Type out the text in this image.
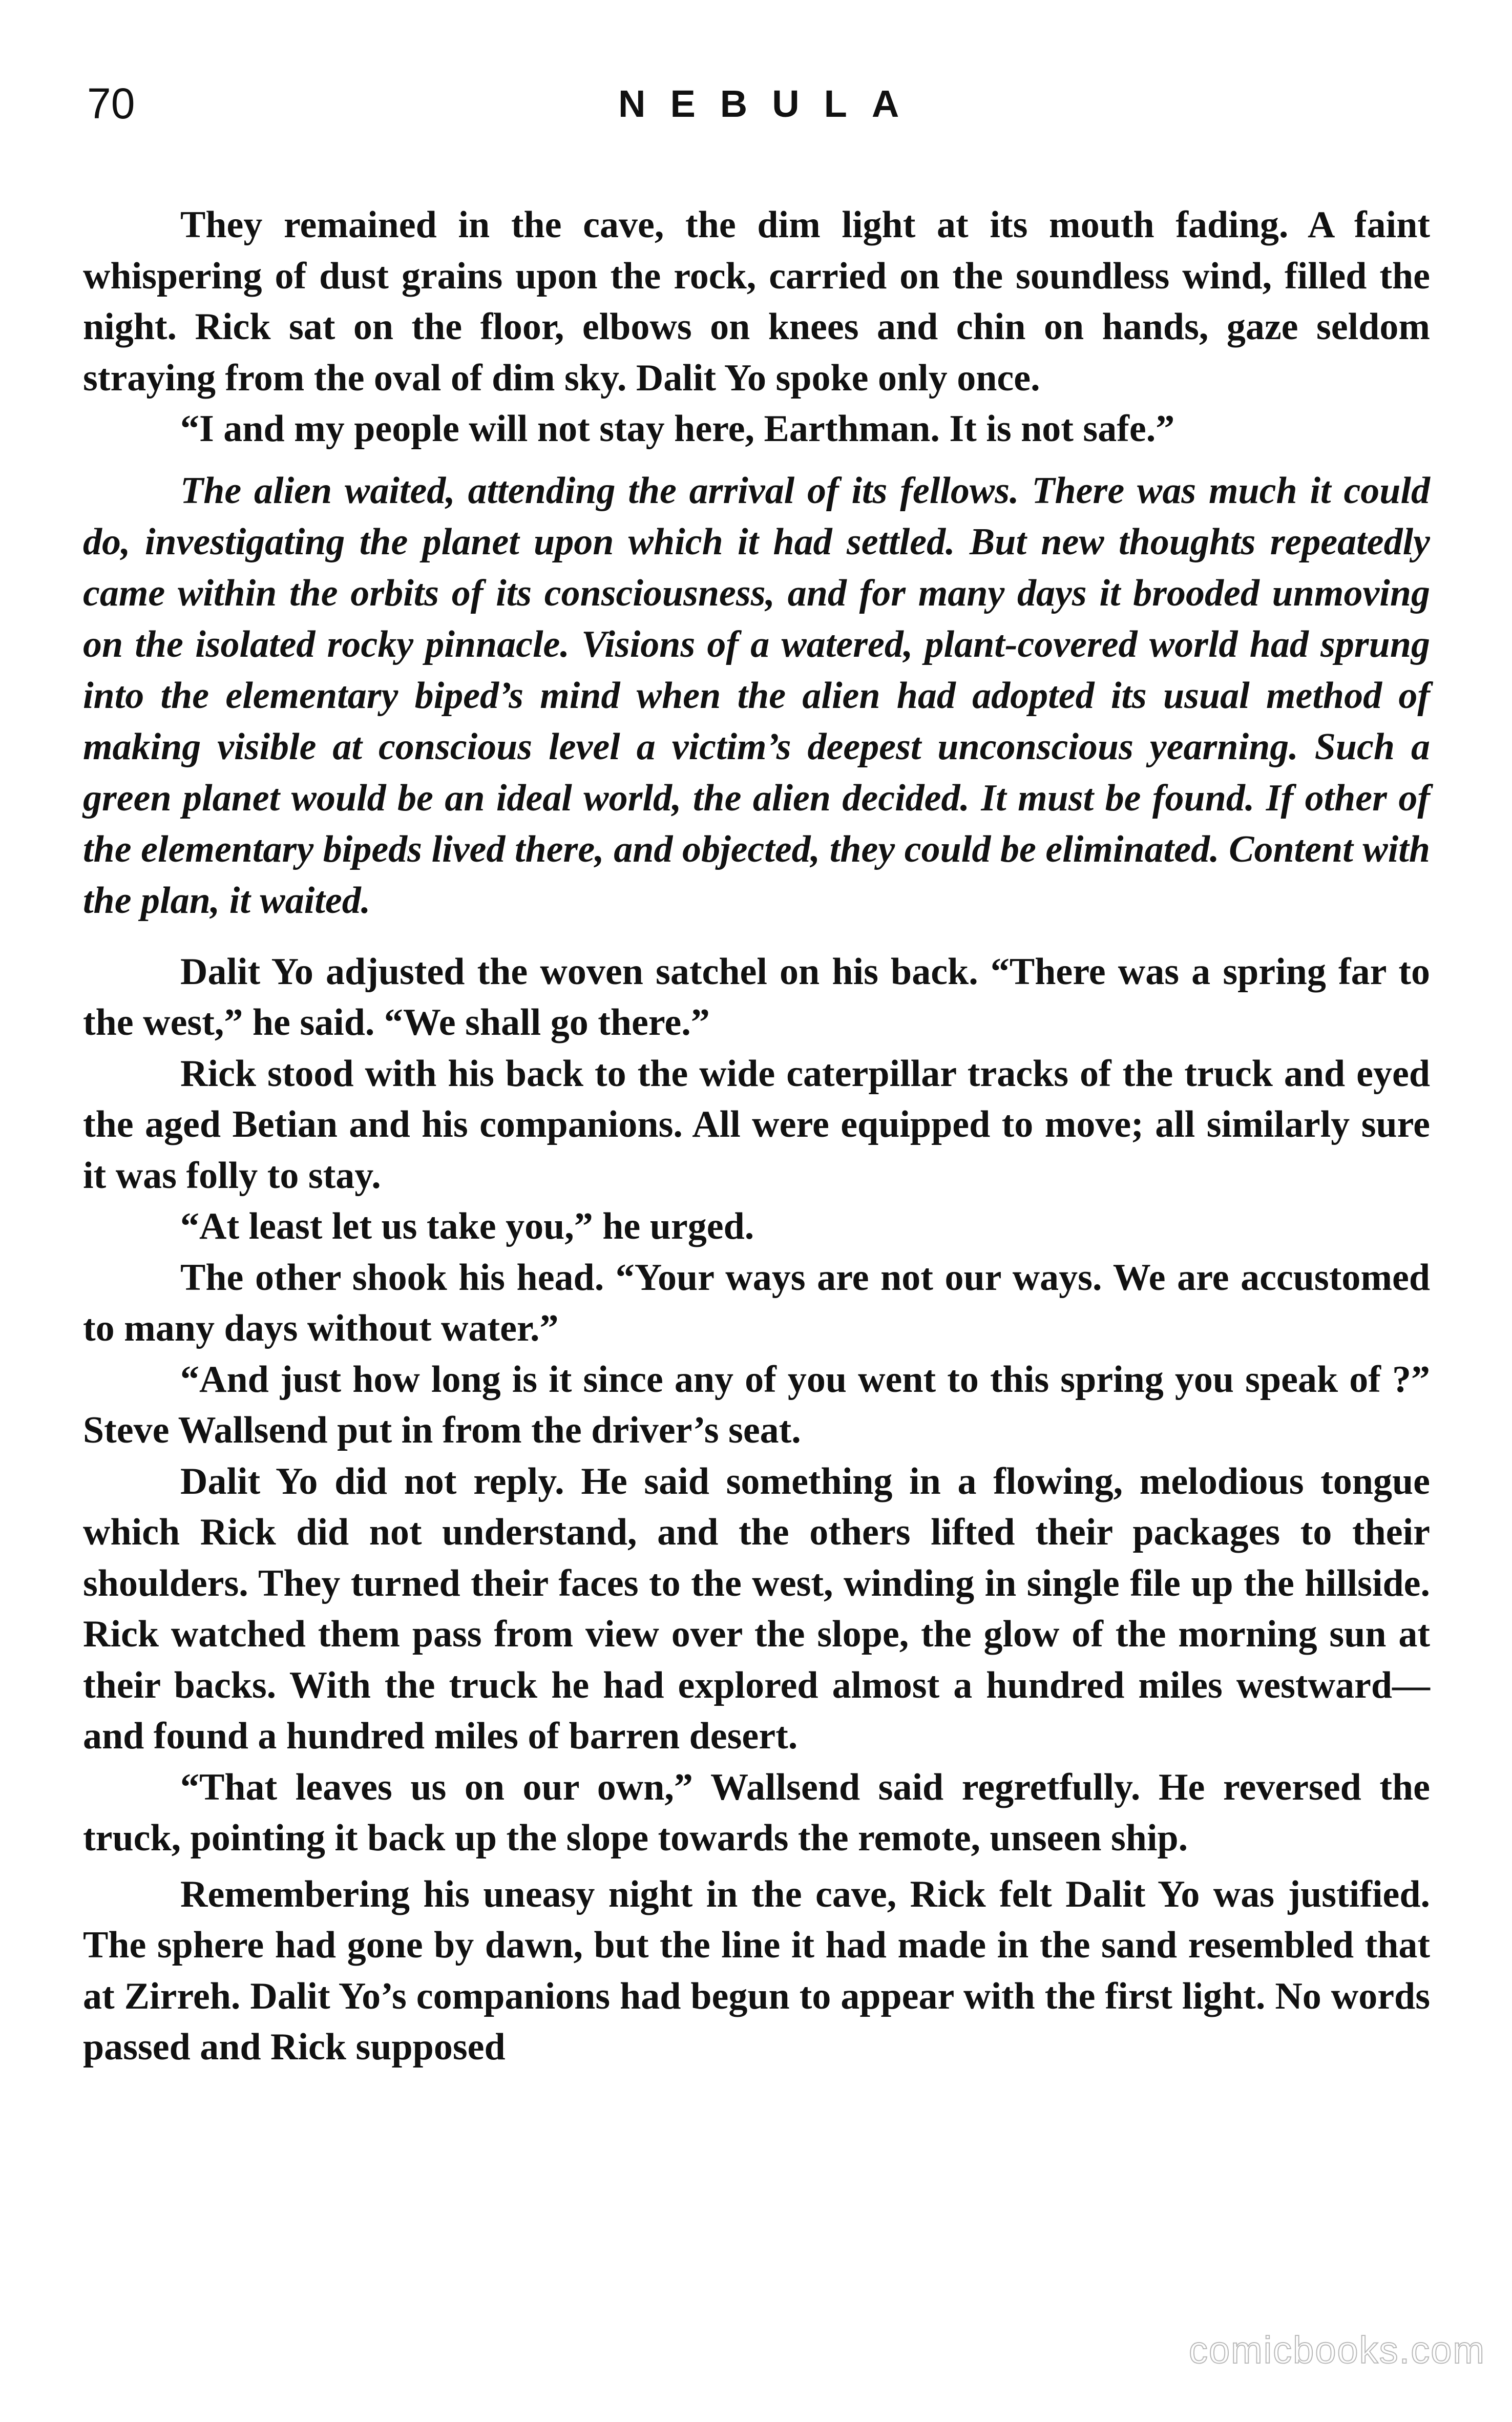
70	NEBULA

They remained in the cave, the dim light at its mouth fading. A faint whispering of dust grains upon the rock, carried on the soundless wind, filled the night. Rick sat on the floor, elbows on knees and chin on hands, gaze seldom straying from the oval of dim sky. Dalit Yo spoke only once.

“I and my people will not stay here, Earthman. It is not safe.”

The alien waited, attending the arrival of its fellows. There was much it could do, investigating the planet upon which it had settled. But new thoughts repeatedly came within the orbits of its consciousness, and for many days it brooded unmoving on the isolated rocky pinnacle. Visions of a watered, plant-covered world had sprung into the elementary biped’s mind when the alien had adopted its usual method of making visible at conscious level a victim’s deepest unconscious yearning. Such a green planet would be an ideal world, the alien decided. It must be found. If other of the elementary bipeds lived there, and objected, they could be eliminated. Content with the plan, it waited.

Dalit Yo adjusted the woven satchel on his back. “There was a spring far to the west,” he said. “We shall go there.”

Rick stood with his back to the wide caterpillar tracks of the truck and eyed the aged Betian and his companions. All were equipped to move; all similarly sure it was folly to stay.

“At least let us take you,” he urged.

The other shook his head. “Your ways are not our ways. We are accustomed to many days without water.”

“And just how long is it since any of you went to this spring you speak of ?” Steve Wallsend put in from the driver’s seat.

Dalit Yo did not reply. He said something in a flowing, melodious tongue which Rick did not understand, and the others lifted their packages to their shoulders. They turned their faces to the west, winding in single file up the hillside. Rick watched them pass from view over the slope, the glow of the morning sun at their backs. With the truck he had explored almost a hundred miles westward—and found a hundred miles of barren desert.

“That leaves us on our own,” Wallsend said regretfully. He reversed the truck, pointing it back up the slope towards the remote, unseen ship.

Remembering his uneasy night in the cave, Rick felt Dalit Yo was justified. The sphere had gone by dawn, but the line it had made in the sand resembled that at Zirreh. Dalit Yo’s companions had begun to appear with the first light. No words passed and Rick supposed

comicbooks.com
